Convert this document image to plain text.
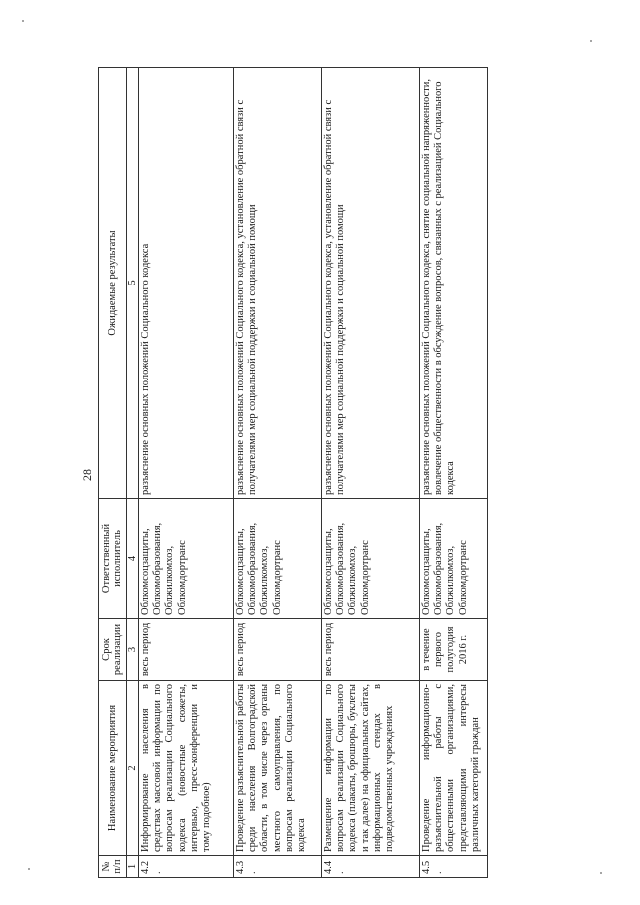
28
№ п/п	Наименование мероприятия	Срок реализации	Ответственный исполнитель	Ожидаемые результаты
1	2	3	4	5
4.2.	Информирование населения в средствах массовой информации по вопросам реализации Социального кодекса (новостные сюжеты, интервью, пресс-конференции и тому подобное)	весь период	Облкомсоцзащиты, Облкомобразования, Облжилкомхоз, Облкомдортранс	разъяснение основных положений Социального кодекса
4.3.	Проведение разъяснительной работы среди населения Волгоградской области, в том числе через органы местного самоуправления, по вопросам реализации Социального кодекса	весь период	Облкомсоцзащиты, Облкомобразования, Облжилкомхоз, Облкомдортранс	разъяснение основных положений Социального кодекса, установление обратной связи с получателями мер социальной поддержки и социальной помощи
4.4.	Размещение информации по вопросам реализации Социального кодекса (плакаты, брошюры, буклеты и так далее) на официальных сайтах, информационных стендах в подведомственных учреждениях	весь период	Облкомсоцзащиты, Облкомобразования, Облжилкомхоз, Облкомдортранс	разъяснение основных положений Социального кодекса, установление обратной связи с получателями мер социальной поддержки и социальной помощи
4.5.	Проведение информационно-разъяснительной работы с общественными организациями, представляющими интересы различных категорий граждан	в течение первого полугодия 2016 г.	Облкомсоцзащиты, Облкомобразования, Облжилкомхоз, Облкомдортранс	разъяснение основных положений Социального кодекса, снятие социальной напряженности, вовлечение общественности в обсуждение вопросов, связанных с реализацией Социального кодекса
